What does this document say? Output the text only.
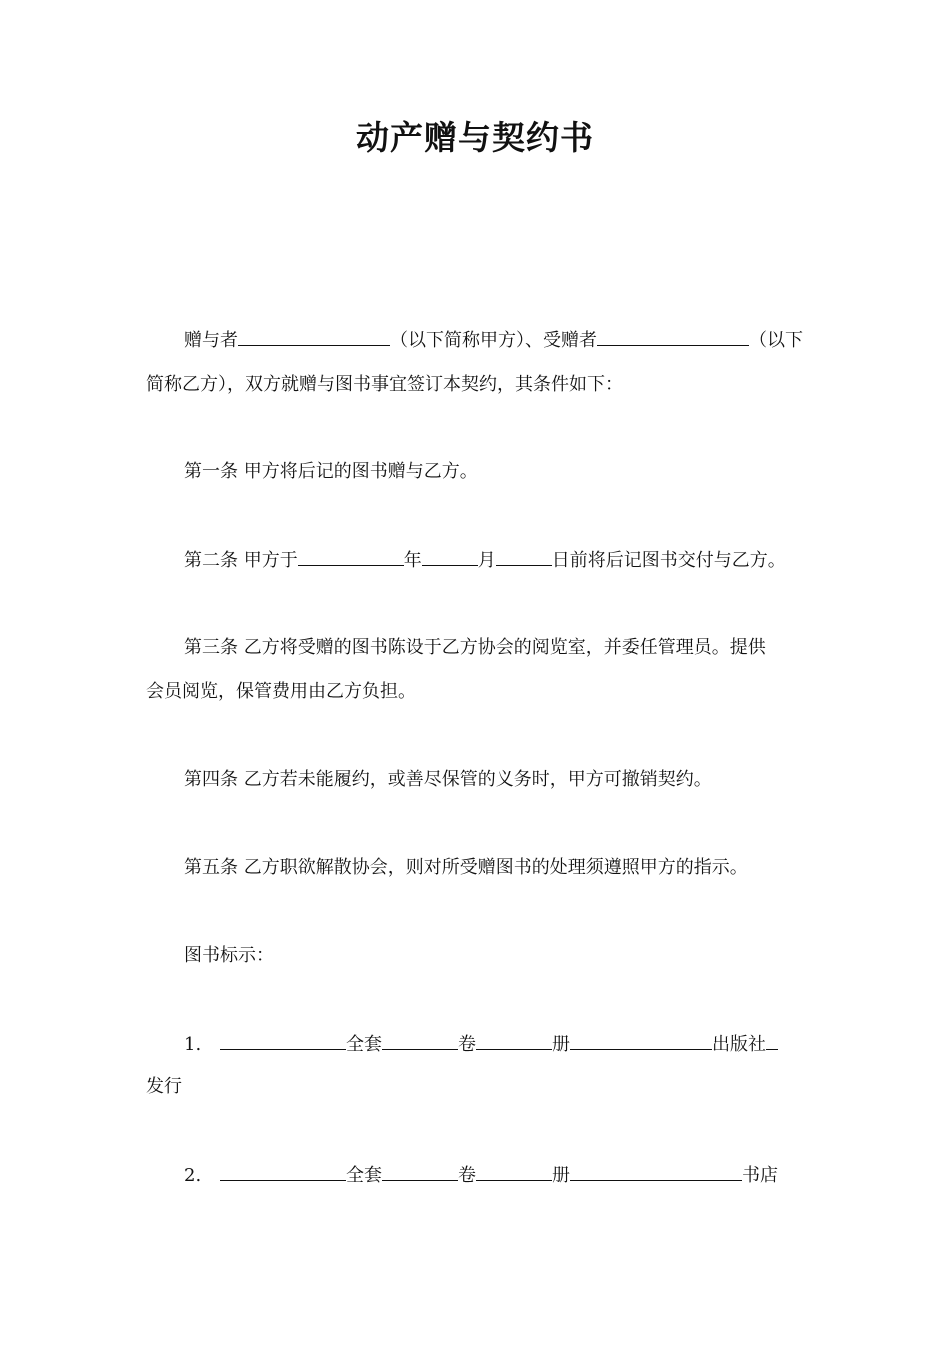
动产赠与契约书
赠与者	（以下简称甲方）、受赠者	（以下
简称乙方），双方就赠与图书事宜签订本契约，其条件如下：
第一条 甲方将后记的图书赠与乙方。
第二条 甲方于	年	月	日前将后记图书交付与乙方。
第三条 乙方将受赠的图书陈设于乙方协会的阅览室，并委任管理员。提供
会员阅览，保管费用由乙方负担。
第四条 乙方若未能履约，或善尽保管的义务时，甲方可撤销契约。
第五条 乙方职欲解散协会，则对所受赠图书的处理须遵照甲方的指示。
图书标示：
1.	全套	卷	册	出版社
发行
2.	全套	卷	册	书店
